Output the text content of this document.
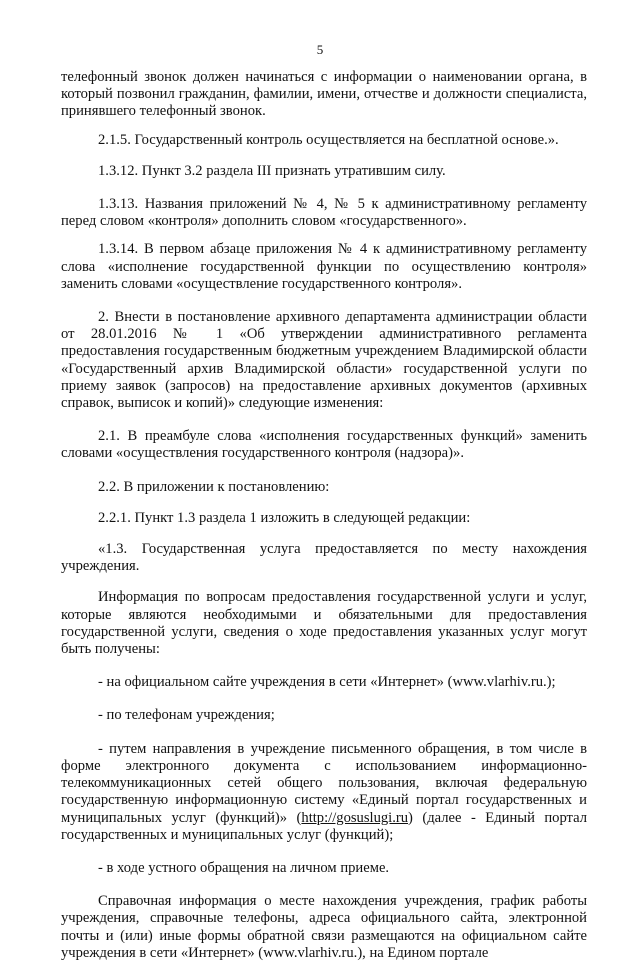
5

телефонный звонок должен начинаться с информации о наименовании органа, в который позвонил гражданин, фамилии, имени, отчестве и должности специалиста, принявшего телефонный звонок.

2.1.5. Государственный контроль осуществляется на бесплатной основе.».

1.3.12. Пункт 3.2 раздела III признать утратившим силу.

1.3.13. Названия приложений № 4, № 5 к административному регламенту перед словом «контроля» дополнить словом «государственного».

1.3.14. В первом абзаце приложения № 4 к административному регламенту слова «исполнение государственной функции по осуществлению контроля» заменить словами «осуществление государственного контроля».

2. Внести в постановление архивного департамента администрации области от 28.01.2016 № 1 «Об утверждении административного регламента предоставления государственным бюджетным учреждением Владимирской области «Государственный архив Владимирской области» государственной услуги по приему заявок (запросов) на предоставление архивных документов (архивных справок, выписок и копий)» следующие изменения:

2.1. В преамбуле слова «исполнения государственных функций» заменить словами «осуществления государственного контроля (надзора)».

2.2. В приложении к постановлению:

2.2.1. Пункт 1.3 раздела 1 изложить в следующей редакции:

«1.3. Государственная услуга предоставляется по месту нахождения учреждения.

Информация по вопросам предоставления государственной услуги и услуг, которые являются необходимыми и обязательными для предоставления государственной услуги, сведения о ходе предоставления указанных услуг могут быть получены:

- на официальном сайте учреждения в сети «Интернет» (www.vlarhiv.ru.);

- по телефонам учреждения;

- путем направления в учреждение письменного обращения, в том числе в форме электронного документа с использованием информационно-телекоммуникационных сетей общего пользования, включая федеральную государственную информационную систему «Единый портал государственных и муниципальных услуг (функций)» (http://gosuslugi.ru) (далее - Единый портал государственных и муниципальных услуг (функций);

- в ходе устного обращения на личном приеме.

Справочная информация о месте нахождения учреждения, график работы учреждения, справочные телефоны, адреса официального сайта, электронной почты и (или) иные формы обратной связи размещаются на официальном сайте учреждения в сети «Интернет» (www.vlarhiv.ru.), на Едином портале
